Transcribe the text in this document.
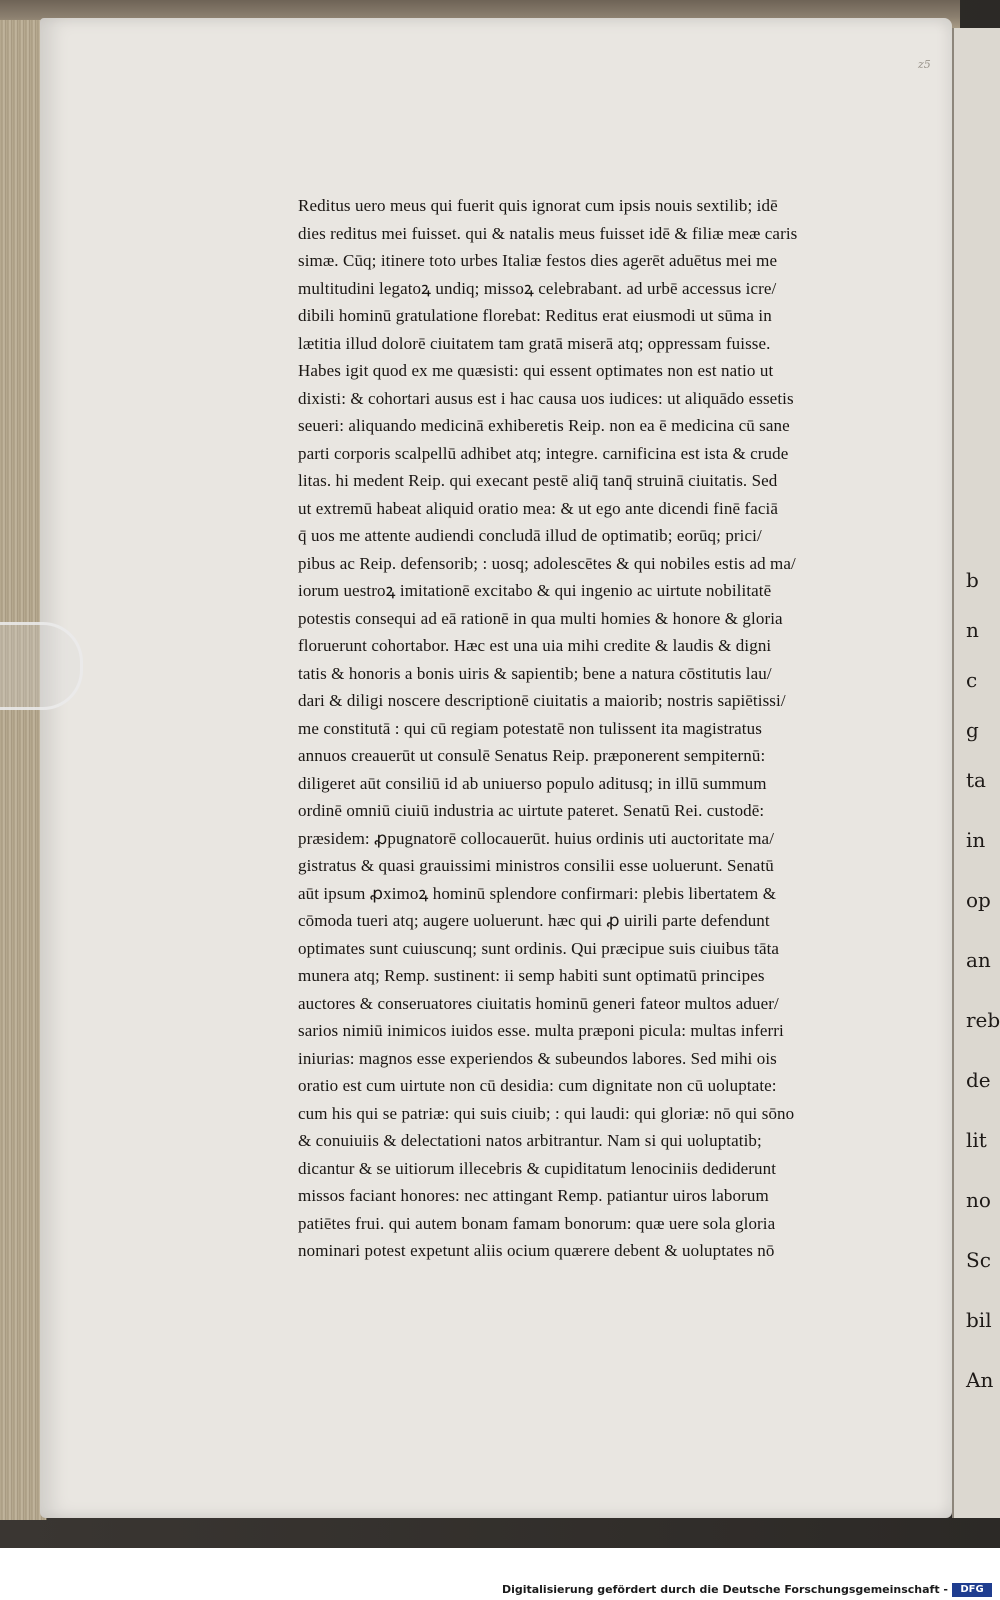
z5
b
n
c
g
ta
in
op
an
reb
de
lit
no
Sc
bil
An
Reditus uero meus qui fuerit quis ignorat cum ipsis nouis sextilib; idē
dies reditus mei fuisset. qui & natalis meus fuisset idē & filiæ meæ caris
simæ. Cūq; itinere toto urbes Italiæ festos dies agerēt aduētus mei me
multitudini legatoꝝ undiq; missoꝝ celebrabant. ad urbē accessus icre/
dibili hominū gratulatione florebat: Reditus erat eiusmodi ut sūma in
lætitia illud dolorē ciuitatem tam gratā miserā atq; oppressam fuisse.
Habes igit quod ex me quæsisti: qui essent optimates non est natio ut
dixisti: & cohortari ausus est i hac causa uos iudices: ut aliquādo essetis
seueri: aliquando medicinā exhiberetis Reip. non ea ē medicina cū sane
parti corporis scalpellū adhibet atq; integre. carnificina est ista & crude
litas. hi medent Reip. qui execant pestē aliq̄ tanq̄ struinā ciuitatis. Sed
ut extremū habeat aliquid oratio mea: & ut ego ante dicendi finē faciā
q̄ uos me attente audiendi concludā illud de optimatib; eorūq; prici/
pibus ac Reip. defensorib; : uosq; adolescētes & qui nobiles estis ad ma/
iorum uestroꝝ imitationē excitabo & qui ingenio ac uirtute nobilitatē
potestis consequi ad eā rationē in qua multi homies & honore & gloria
floruerunt cohortabor. Hæc est una uia mihi credite & laudis & digni
tatis & honoris a bonis uiris & sapientib; bene a natura cōstitutis lau/
dari & diligi noscere descriptionē ciuitatis a maiorib; nostris sapiētissi/
me constitutā : qui cū regiam potestatē non tulissent ita magistratus
annuos creauerūt ut consulē Senatus Reip. præponerent sempiternū:
diligeret aūt consiliū id ab uniuerso populo aditusq; in illū summum
ordinē omniū ciuiū industria ac uirtute pateret. Senatū Rei. custodē:
præsidem: ꝓpugnatorē collocauerūt. huius ordinis uti auctoritate ma/
gistratus & quasi grauissimi ministros consilii esse uoluerunt. Senatū
aūt ipsum ꝓximoꝝ hominū splendore confirmari: plebis libertatem &
cōmoda tueri atq; augere uoluerunt. hæc qui ꝓ uirili parte defendunt
optimates sunt cuiuscunq; sunt ordinis. Qui præcipue suis ciuibus tāta
munera atq; Remp. sustinent: ii semp habiti sunt optimatū principes
auctores & conseruatores ciuitatis hominū generi fateor multos aduer/
sarios nimiū inimicos iuidos esse. multa præponi picula: multas inferri
iniurias: magnos esse experiendos & subeundos labores. Sed mihi ois
oratio est cum uirtute non cū desidia: cum dignitate non cū uoluptate:
cum his qui se patriæ: qui suis ciuib; : qui laudi: qui gloriæ: nō qui sōno
& conuiuiis & delectationi natos arbitrantur. Nam si qui uoluptatib;
dicantur & se uitiorum illecebris & cupiditatum lenociniis dediderunt
missos faciant honores: nec attingant Remp. patiantur uiros laborum
patiētes frui. qui autem bonam famam bonorum: quæ uere sola gloria
nominari potest expetunt aliis ocium quærere debent & uoluptates nō
Digitalisierung gefördert durch die Deutsche Forschungsgemeinschaft -	DFG
